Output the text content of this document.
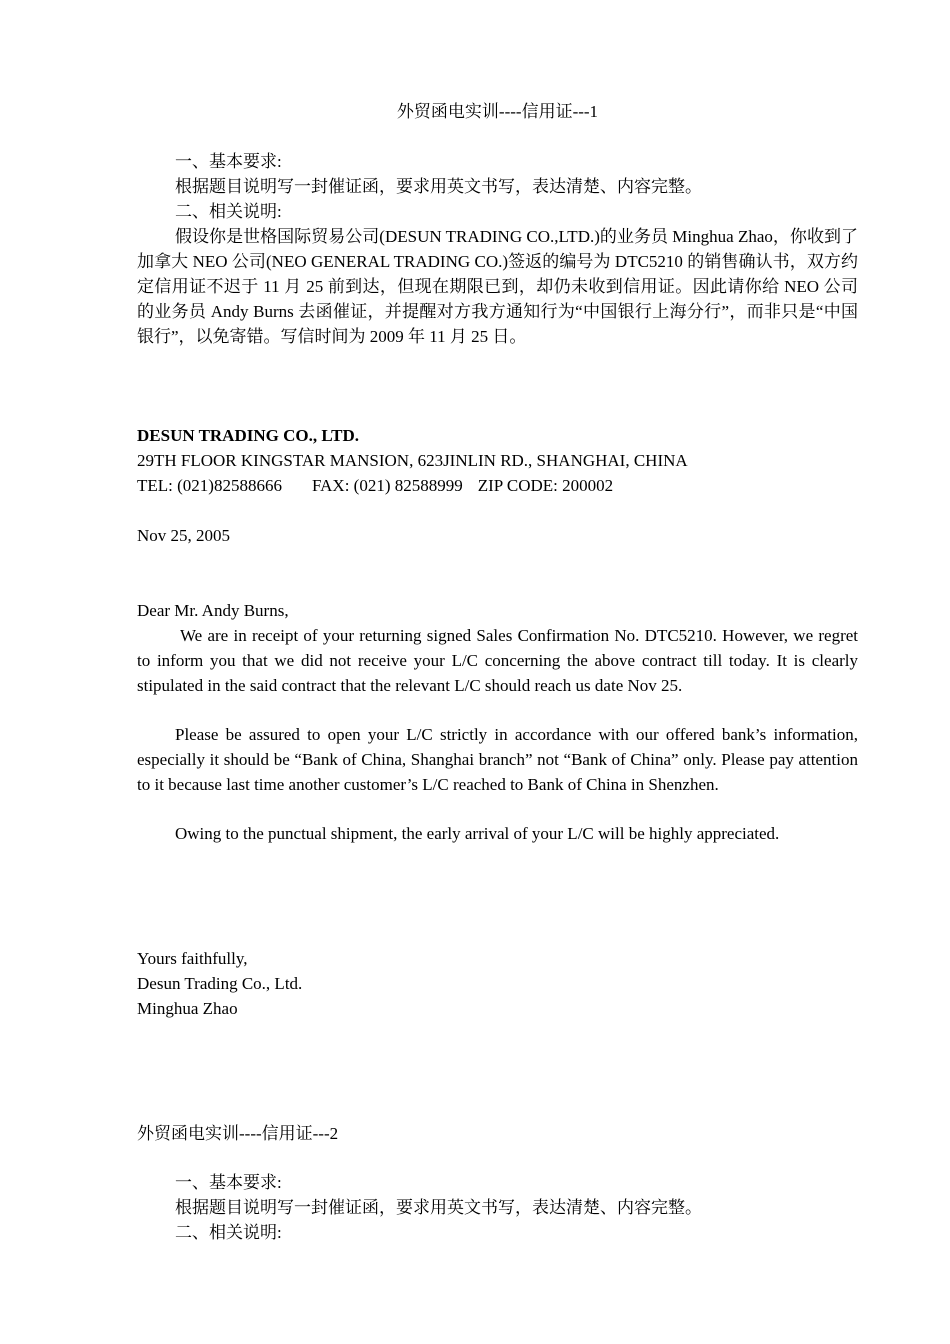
外贸函电实训----信用证---1
一、基本要求:
根据题目说明写一封催证函，要求用英文书写，表达清楚、内容完整。
二、相关说明:
假设你是世格国际贸易公司(DESUN TRADING CO.,LTD.)的业务员 Minghua Zhao，你收到了加拿大 NEO 公司(NEO GENERAL TRADING CO.)签返的编号为 DTC5210 的销售确认书，双方约定信用证不迟于 11 月 25 前到达，但现在期限已到，却仍未收到信用证。因此请你给 NEO 公司的业务员 Andy Burns 去函催证，并提醒对方我方通知行为“中国银行上海分行”，而非只是“中国银行”，以免寄错。写信时间为 2009 年 11 月 25 日。
DESUN TRADING CO., LTD.
29TH FLOOR KINGSTAR MANSION, 623JINLIN RD., SHANGHAI, CHINA
TEL: (021)82588666 FAX: (021) 82588999 ZIP CODE: 200002
Nov 25, 2005
Dear Mr. Andy Burns,
We are in receipt of your returning signed Sales Confirmation No. DTC5210. However, we regret to inform you that we did not receive your L/C concerning the above contract till today. It is clearly stipulated in the said contract that the relevant L/C should reach us date Nov 25.
Please be assured to open your L/C strictly in accordance with our offered bank’s information, especially it should be “Bank of China, Shanghai branch” not “Bank of China” only. Please pay attention to it because last time another customer’s L/C reached to Bank of China in Shenzhen.
Owing to the punctual shipment, the early arrival of your L/C will be highly appreciated.
Yours faithfully,
Desun Trading Co., Ltd.
Minghua Zhao
外贸函电实训----信用证---2
一、基本要求:
根据题目说明写一封催证函，要求用英文书写，表达清楚、内容完整。
二、相关说明:
